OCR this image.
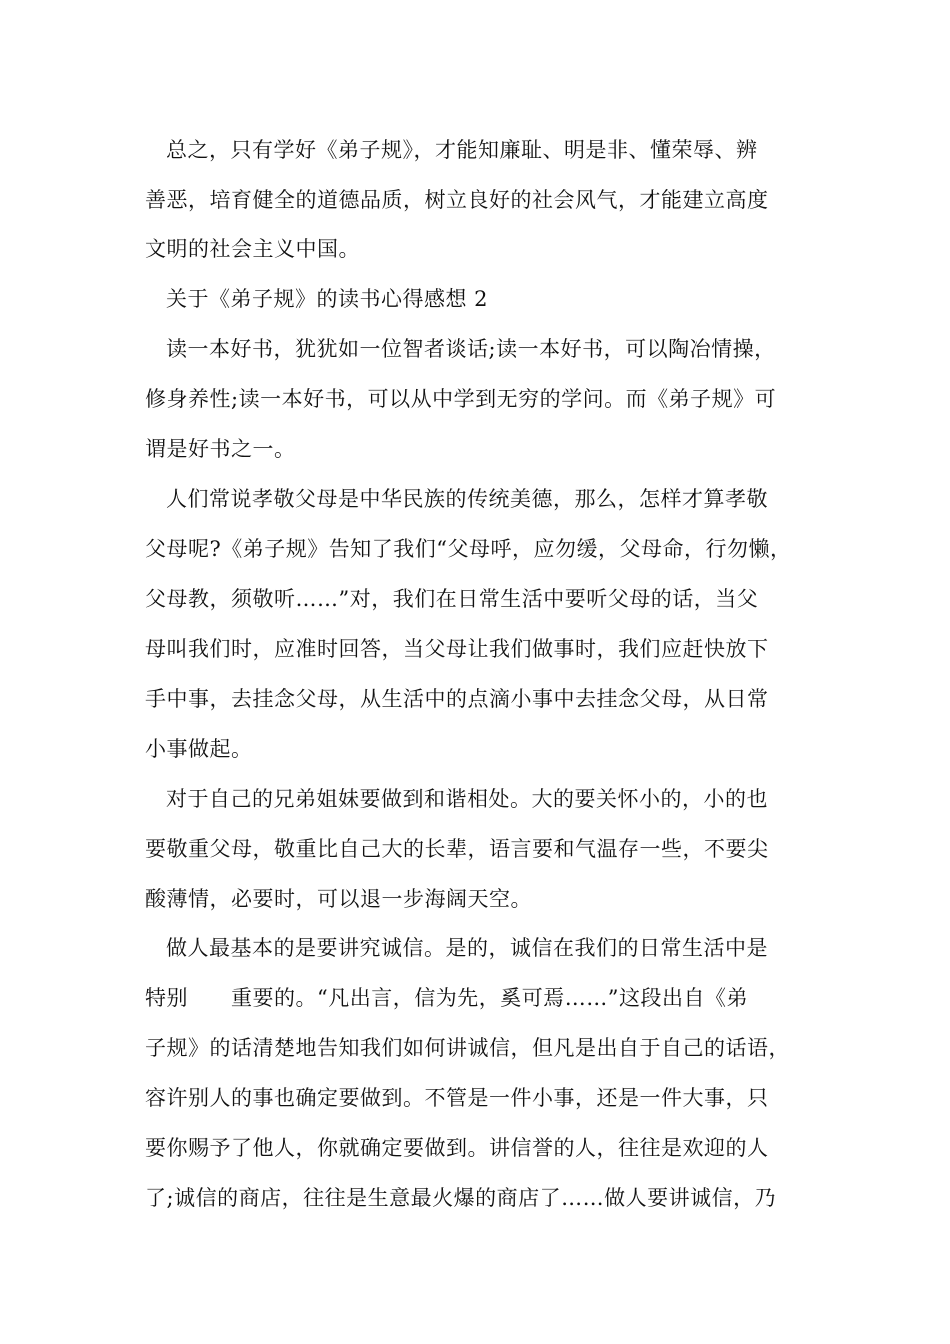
总之，只有学好《弟子规》，才能知廉耻、明是非、懂荣辱、辨

善恶，培育健全的道德品质，树立良好的社会风气，才能建立高度

文明的社会主义中国。

关于《弟子规》的读书心得感想 2

读一本好书，犹犹如一位智者谈话;读一本好书，可以陶冶情操，

修身养性;读一本好书，可以从中学到无穷的学问。而《弟子规》可

谓是好书之一。

人们常说孝敬父母是中华民族的传统美德，那么，怎样才算孝敬

父母呢?《弟子规》告知了我们“父母呼，应勿缓，父母命，行勿懒，

父母教，须敬听……”对，我们在日常生活中要听父母的话，当父

母叫我们时，应准时回答，当父母让我们做事时，我们应赶快放下

手中事，去挂念父母，从生活中的点滴小事中去挂念父母，从日常

小事做起。

对于自己的兄弟姐妹要做到和谐相处。大的要关怀小的，小的也

要敬重父母，敬重比自己大的长辈，语言要和气温存一些，不要尖

酸薄情，必要时，可以退一步海阔天空。

做人最基本的是要讲究诚信。是的，诚信在我们的日常生活中是

特别      重要的。“凡出言，信为先，奚可焉……”这段出自《弟

子规》的话清楚地告知我们如何讲诚信，但凡是出自于自己的话语，

容许别人的事也确定要做到。不管是一件小事，还是一件大事，只

要你赐予了他人，你就确定要做到。讲信誉的人，往往是欢迎的人

了;诚信的商店，往往是生意最火爆的商店了……做人要讲诚信，乃
